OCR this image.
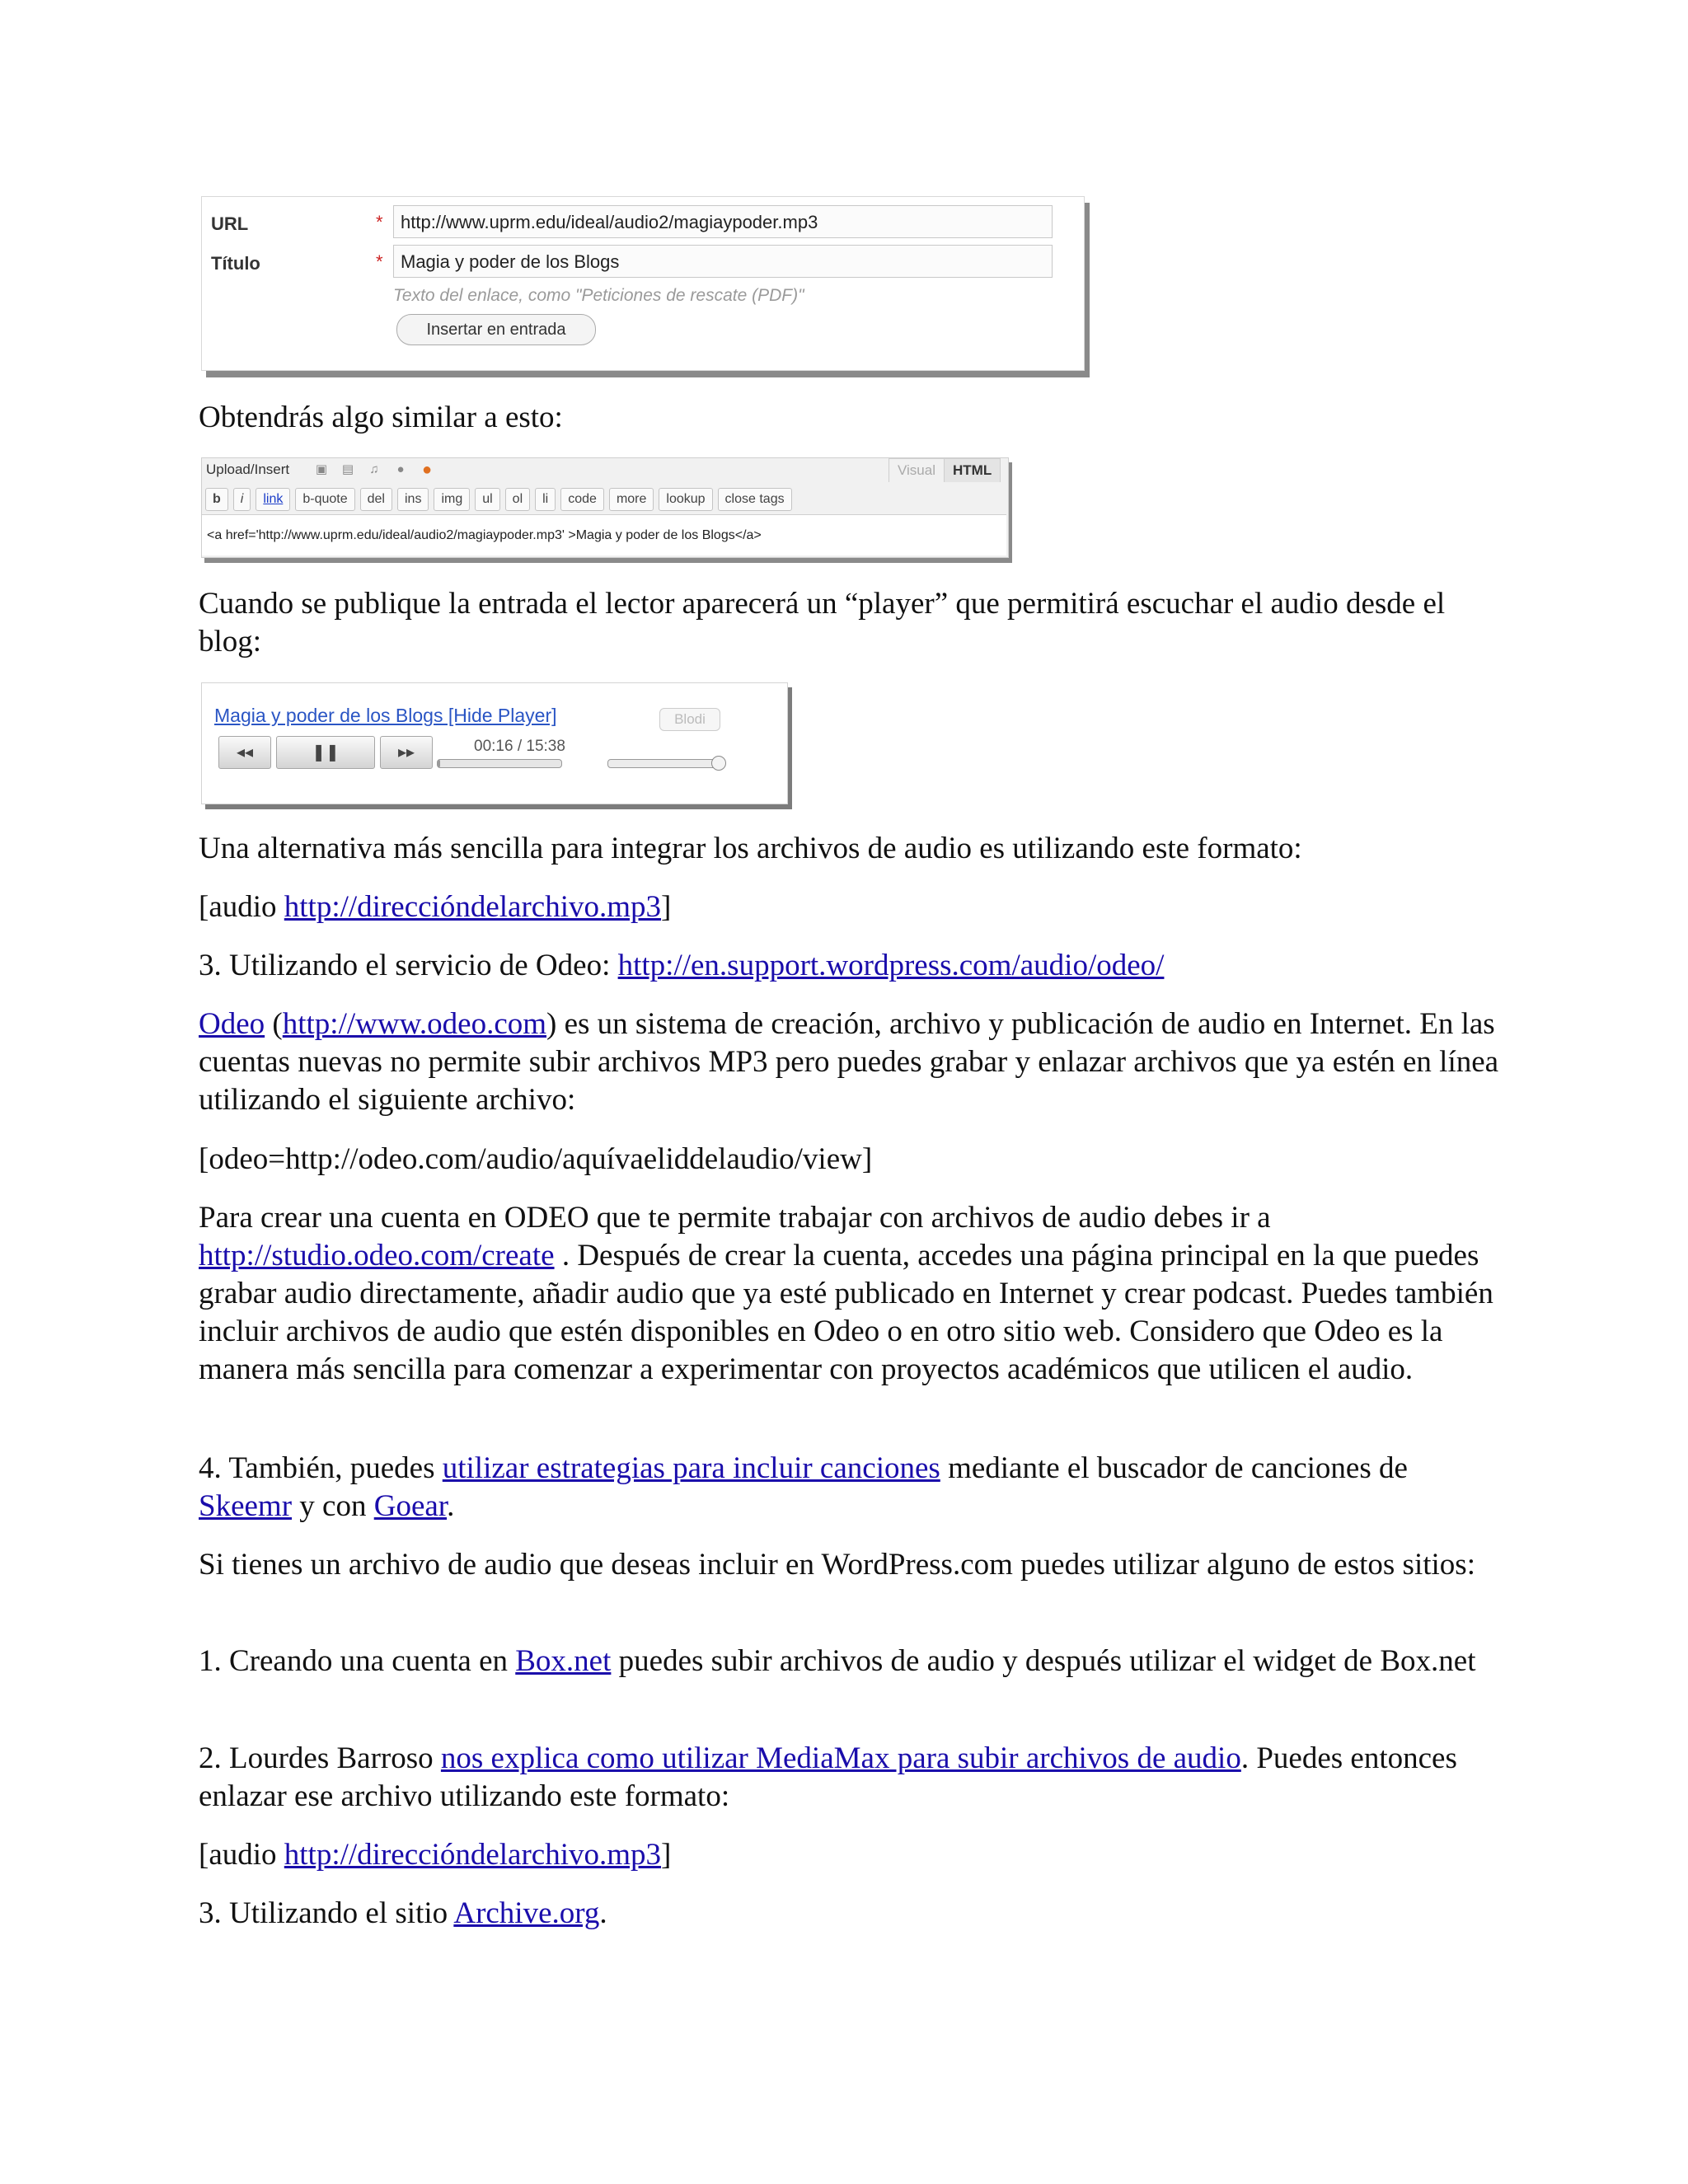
URL	* http://www.uprm.edu/ideal/audio2/magiaypoder.mp3
Título	* Magia y poder de los Blogs
Texto del enlace, como "Peticiones de rescate (PDF)"
Insertar en entrada

Obtendrás algo similar a esto:

Upload/Insert ▣ ▤ ♫ ● ●	Visual	HTML
b	i	link	b-quote	del	ins	img	ul	ol	li	code	more	lookup	close tags
<a href='http://www.uprm.edu/ideal/audio2/magiaypoder.mp3' >Magia y poder de los Blogs</a>

Cuando se publique la entrada el lector aparecerá un “player” que permitirá escuchar el audio desde el blog:

Magia y poder de los Blogs [Hide Player]	Blodi
◂◂	❚❚	▸▸	00:16 / 15:38

Una alternativa más sencilla para integrar los archivos de audio es utilizando este formato:

[audio http://direccióndelarchivo.mp3]

3. Utilizando el servicio de Odeo: http://en.support.wordpress.com/audio/odeo/

Odeo (http://www.odeo.com) es un sistema de creación, archivo y publicación de audio en Internet. En las cuentas nuevas no permite subir archivos MP3 pero puedes grabar y enlazar archivos que ya estén en línea utilizando el siguiente archivo:

[odeo=http://odeo.com/audio/aquívaeliddelaudio/view]

Para crear una cuenta en ODEO que te permite trabajar con archivos de audio debes ir a http://studio.odeo.com/create . Después de crear la cuenta, accedes una página principal en la que puedes grabar audio directamente, añadir audio que ya esté publicado en Internet y crear podcast. Puedes también incluir archivos de audio que estén disponibles en Odeo o en otro sitio web. Considero que Odeo es la manera más sencilla para comenzar a experimentar con proyectos académicos que utilicen el audio.

4. También, puedes utilizar estrategias para incluir canciones mediante el buscador de canciones de Skeemr y con Goear.

Si tienes un archivo de audio que deseas incluir en WordPress.com puedes utilizar alguno de estos sitios:

1. Creando una cuenta en Box.net puedes subir archivos de audio y después utilizar el widget de Box.net

2. Lourdes Barroso nos explica como utilizar MediaMax para subir archivos de audio. Puedes entonces enlazar ese archivo utilizando este formato:

[audio http://direccióndelarchivo.mp3]

3. Utilizando el sitio Archive.org.
